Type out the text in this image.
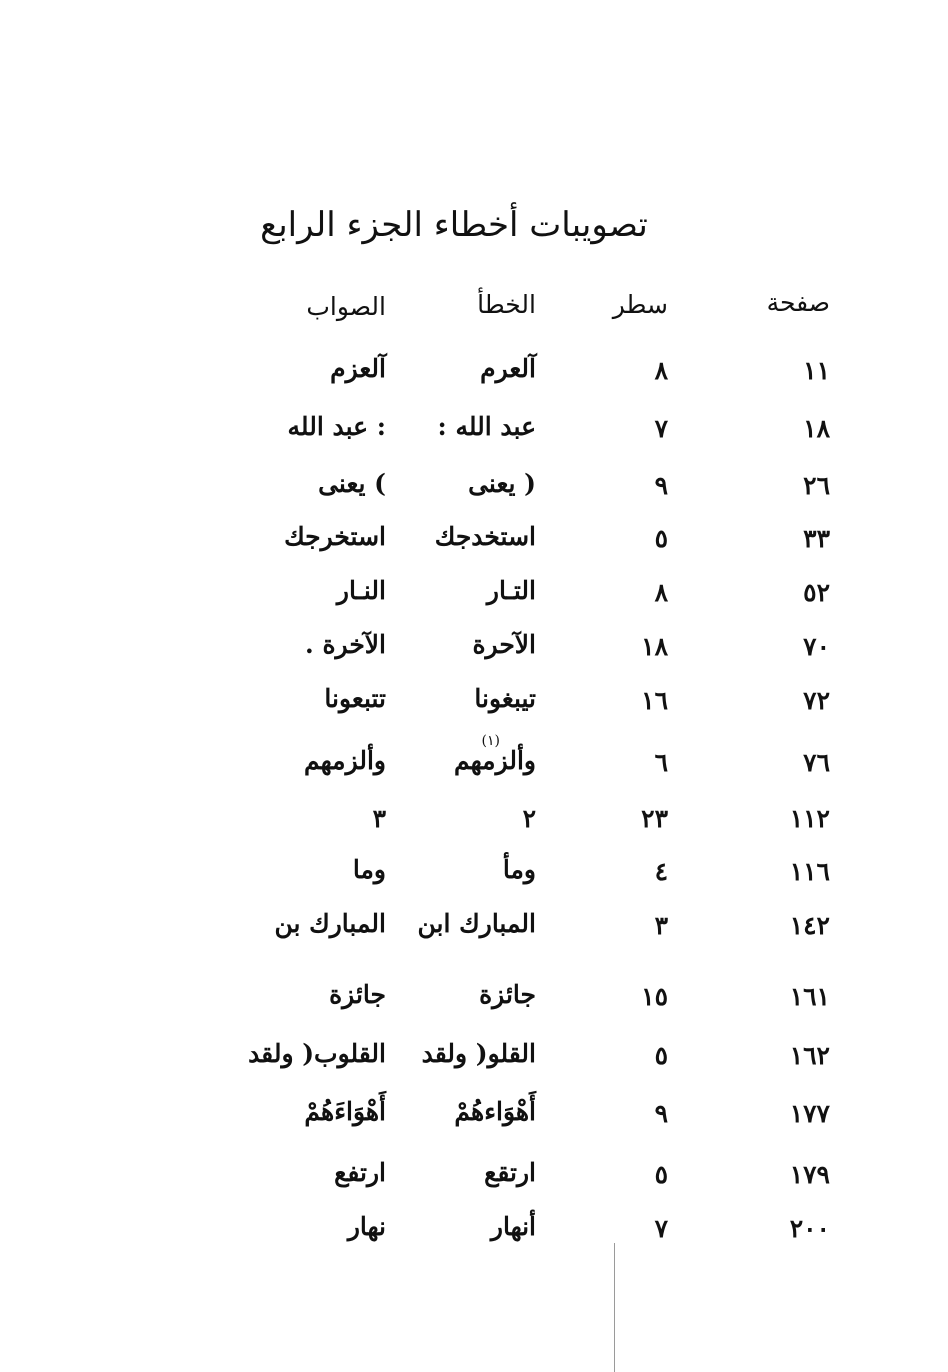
تصويبات أخطاء الجزء الرابع
صفحة
سطر
الخطأ
الصواب
١١
٨
آلعرم
آلعزم
١٨
٧
عبد الله :
: عبد الله
٢٦
٩
( يعنى
) يعنى
٣٣
٥
استخدجك
استخرجك
٥٢
٨
التـار
النـار
٧٠
١٨
الآحرة
الآخرة .
٧٢
١٦
تيبغونا
تتبعونا
٧٦
٦
وألزمهم
(١)
وألزمهم
١١٢
٢٣
٢
٣
١١٦
٤
ومأ
وما
١٤٢
٣
المبارك ابن
المبارك بن
١٦١
١٥
جائزة
جائزة
١٦٢
٥
القلو( ولقد
القلوب( ولقد
١٧٧
٩
أَهْوَاءهُمْ
أَهْوَاءَهُمْ
١٧٩
٥
ارتقع
ارتفع
٢٠٠
٧
أنهار
نهار
